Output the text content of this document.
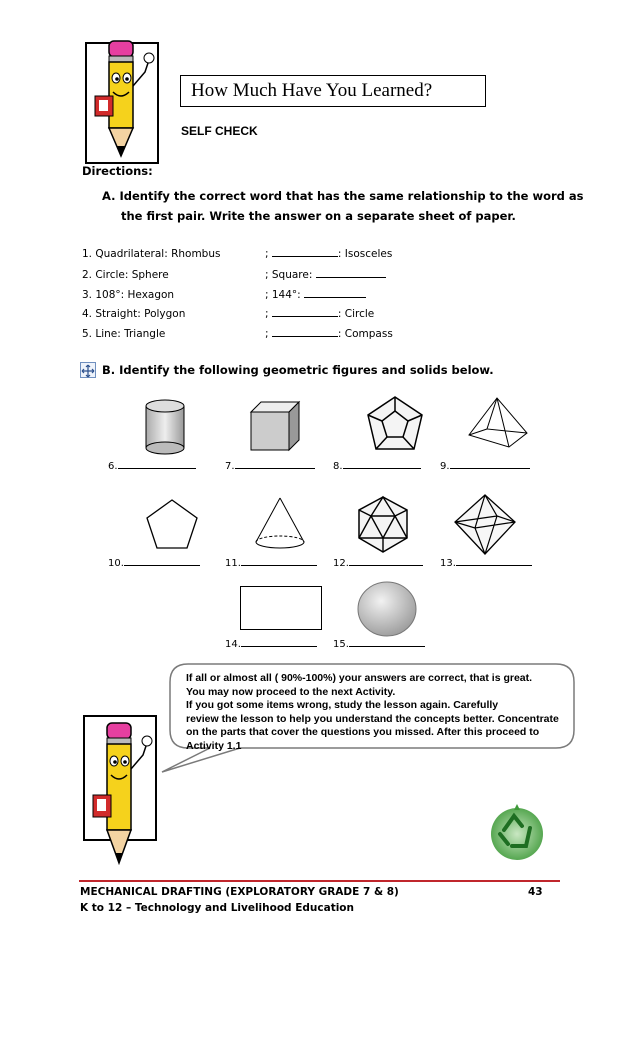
How Much Have You Learned?
SELF CHECK
Directions:
A. Identify the correct word that has the same relationship to the word as
the first pair. Write the answer on a separate sheet of paper.
1. Quadrilateral: Rhombus	;	: Isosceles
2. Circle: Sphere	; Square:
3. 108°: Hexagon	; 144°:
4. Straight: Polygon	;	: Circle
5. Line: Triangle	;	: Compass
B. Identify the following geometric figures and solids below.
6.	7.	8.	9.
10.	11.	12.	13.
14.	15.
If all or almost all ( 90%-100%) your answers are correct, that is great.
You may now proceed to the next Activity.
If you got some items wrong, study the lesson again. Carefully
review the lesson to help you understand the concepts better. Concentrate
on the parts that cover the questions you missed. After this proceed to
Activity 1.1
MECHANICAL DRAFTING (EXPLORATORY GRADE 7 & 8)	43
K to 12 – Technology and Livelihood Education
